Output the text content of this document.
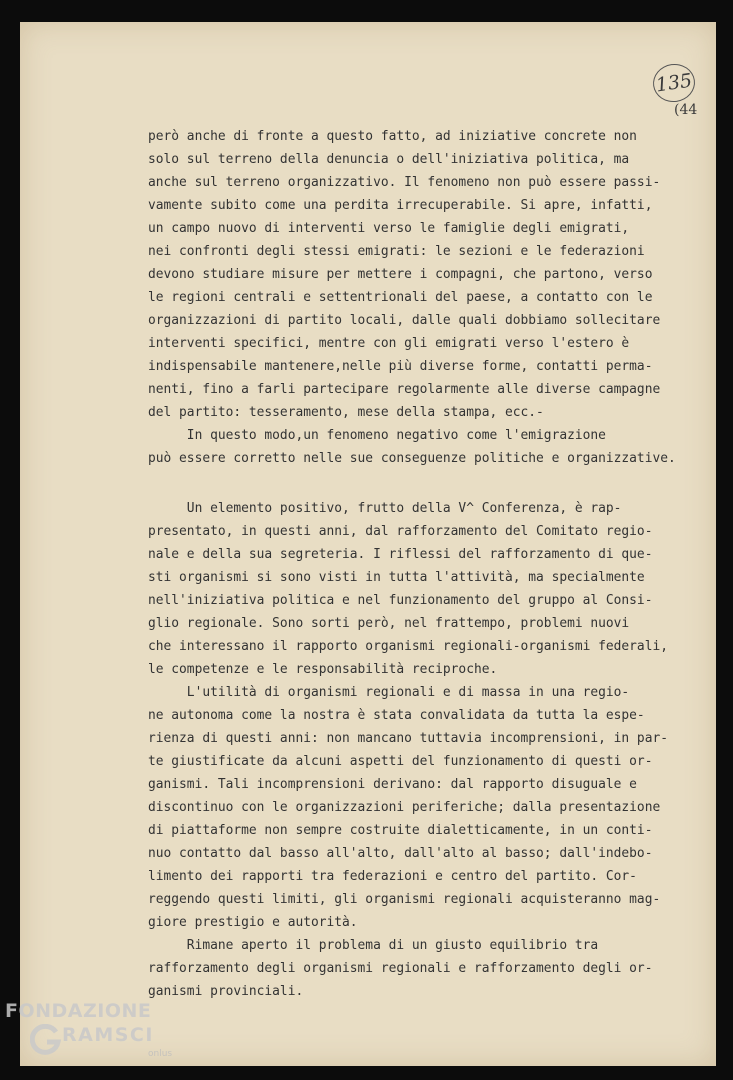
135
(44
però anche di fronte a questo fatto, ad iniziative concrete non
solo sul terreno della denuncia o dell'iniziativa politica, ma
anche sul terreno organizzativo. Il fenomeno non può essere passi-
vamente subito come una perdita irrecuperabile. Si apre, infatti,
un campo nuovo di interventi verso le famiglie degli emigrati,
nei confronti degli stessi emigrati: le sezioni e le federazioni
devono studiare misure per mettere i compagni, che partono, verso
le regioni centrali e settentrionali del paese, a contatto con le
organizzazioni di partito locali, dalle quali dobbiamo sollecitare
interventi specifici, mentre con gli emigrati verso l'estero è
indispensabile mantenere,nelle più diverse forme, contatti perma-
nenti, fino a farli partecipare regolarmente alle diverse campagne
del partito: tesseramento, mese della stampa, ecc.-
In questo modo,un fenomeno negativo come l'emigrazione
può essere corretto nelle sue conseguenze politiche e organizzative.
Un elemento positivo, frutto della V^ Conferenza, è rap-
presentato, in questi anni, dal rafforzamento del Comitato regio-
nale e della sua segreteria. I riflessi del rafforzamento di que-
sti organismi si sono visti in tutta l'attività, ma specialmente
nell'iniziativa politica e nel funzionamento del gruppo al Consi-
glio regionale. Sono sorti però, nel frattempo, problemi nuovi
che interessano il rapporto organismi regionali-organismi federali,
le competenze e le responsabilità reciproche.
L'utilità di organismi regionali e di massa in una regio-
ne autonoma come la nostra è stata convalidata da tutta la espe-
rienza di questi anni: non mancano tuttavia incomprensioni, in par-
te giustificate da alcuni aspetti del funzionamento di questi or-
ganismi. Tali incomprensioni derivano: dal rapporto disuguale e
discontinuo con le organizzazioni periferiche; dalla presentazione
di piattaforme non sempre costruite dialetticamente, in un conti-
nuo contatto dal basso all'alto, dall'alto al basso; dall'indebo-
limento dei rapporti tra federazioni e centro del partito. Cor-
reggendo questi limiti, gli organismi regionali acquisteranno mag-
giore prestigio e autorità.
Rimane aperto il problema di un giusto equilibrio tra
rafforzamento degli organismi regionali e rafforzamento degli or-
ganismi provinciali.
FONDAZIONE
RAMSCI
onlus
